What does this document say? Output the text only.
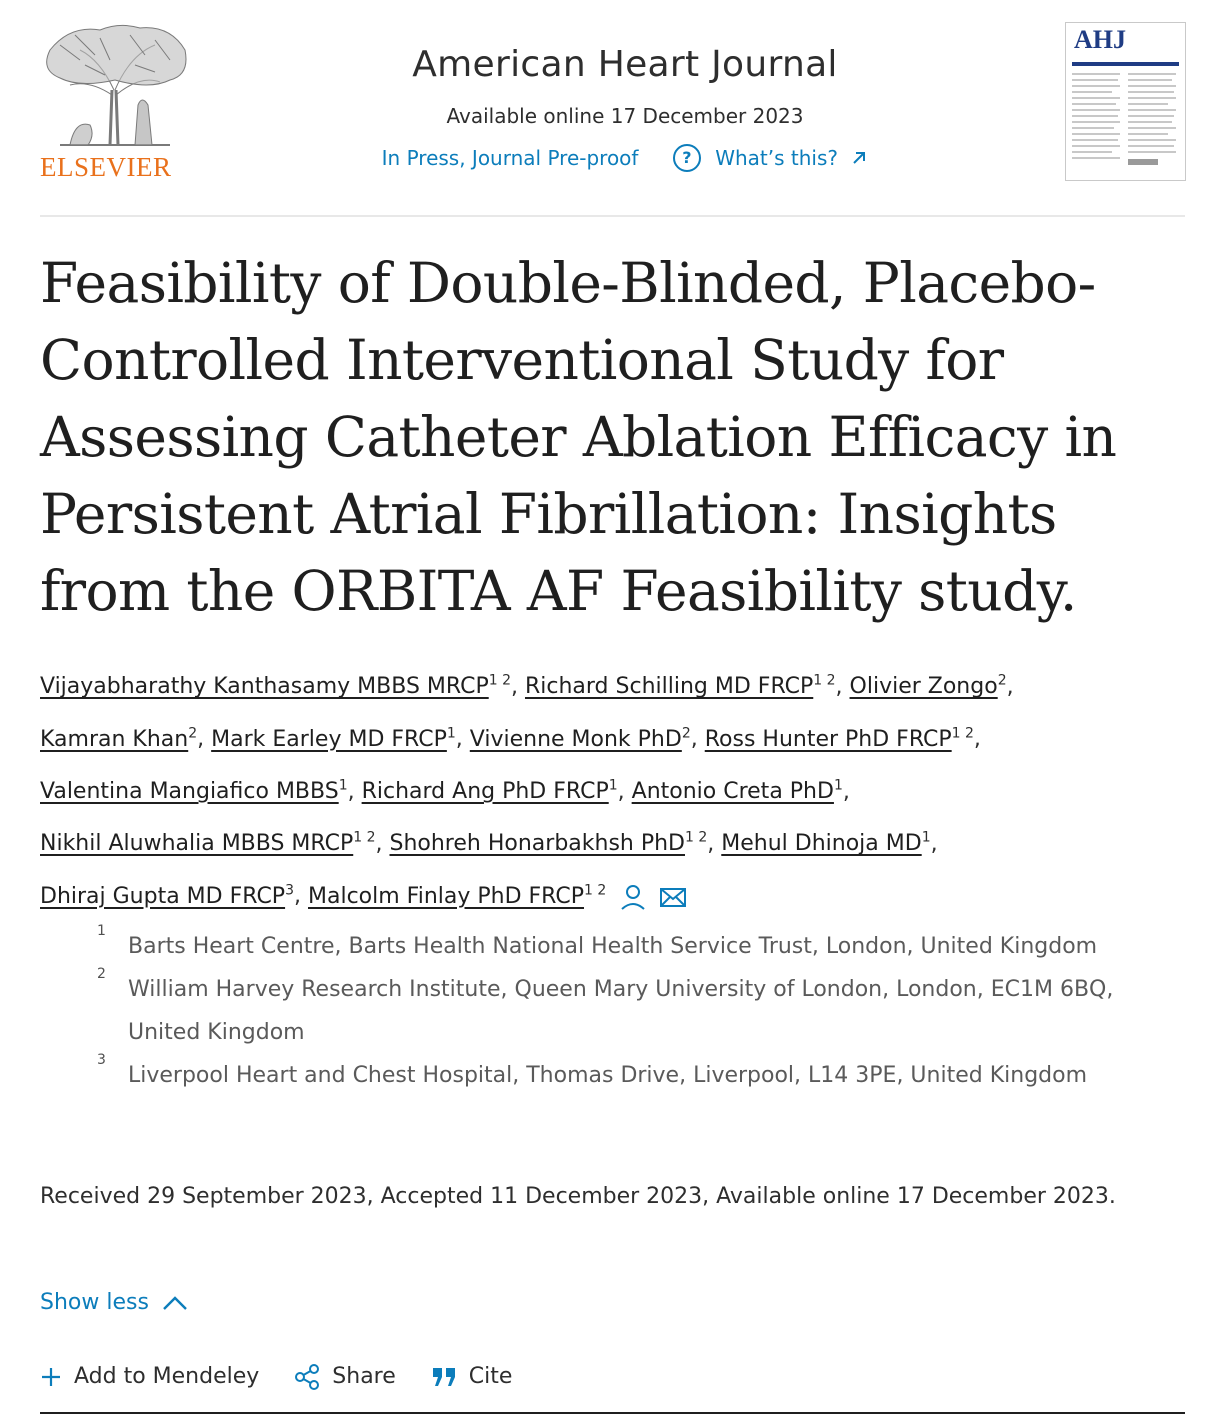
ELSEVIER
American Heart Journal
Available online 17 December 2023
In Press, Journal Pre-proof	? What’s this?
AHJ
Feasibility of Double-Blinded, Placebo-Controlled Interventional Study for Assessing Catheter Ablation Efficacy in Persistent Atrial Fibrillation: Insights from the ORBITA AF Feasibility study.
Vijayabharathy Kanthasamy MBBS $MRCP^{1 2}$, Richard Schilling MD $FRCP^{1 2}$, Olivier Zongo$^2$,
Kamran Khan$^2$, Mark Earley MD FRCP$^1$, Vivienne Monk PhD$^2$, Ross Hunter PhD $FRCP^{1 2}$,
Valentina Mangiafico MBBS$^1$, Richard Ang PhD FRCP$^1$, Antonio Creta PhD$^1$,
Nikhil Aluwhalia MBBS $MRCP^{1 2}$, Shohreh Honarbakhsh PhD$^{1 2}$, Mehul Dhinoja $MD^1$,
Dhiraj Gupta MD FRCP$^3$, Malcolm Finlay PhD $FRCP^{1 2}$
1
Barts Heart Centre, Barts Health National Health Service Trust, London, United Kingdom
2
William Harvey Research Institute, Queen Mary University of London, London, EC1M 6BQ, United Kingdom
3
Liverpool Heart and Chest Hospital, Thomas Drive, Liverpool, L14 3PE, United Kingdom
Received 29 September 2023, Accepted 11 December 2023, Available online 17 December 2023.
Show less
Add to Mendeley	Share	Cite
